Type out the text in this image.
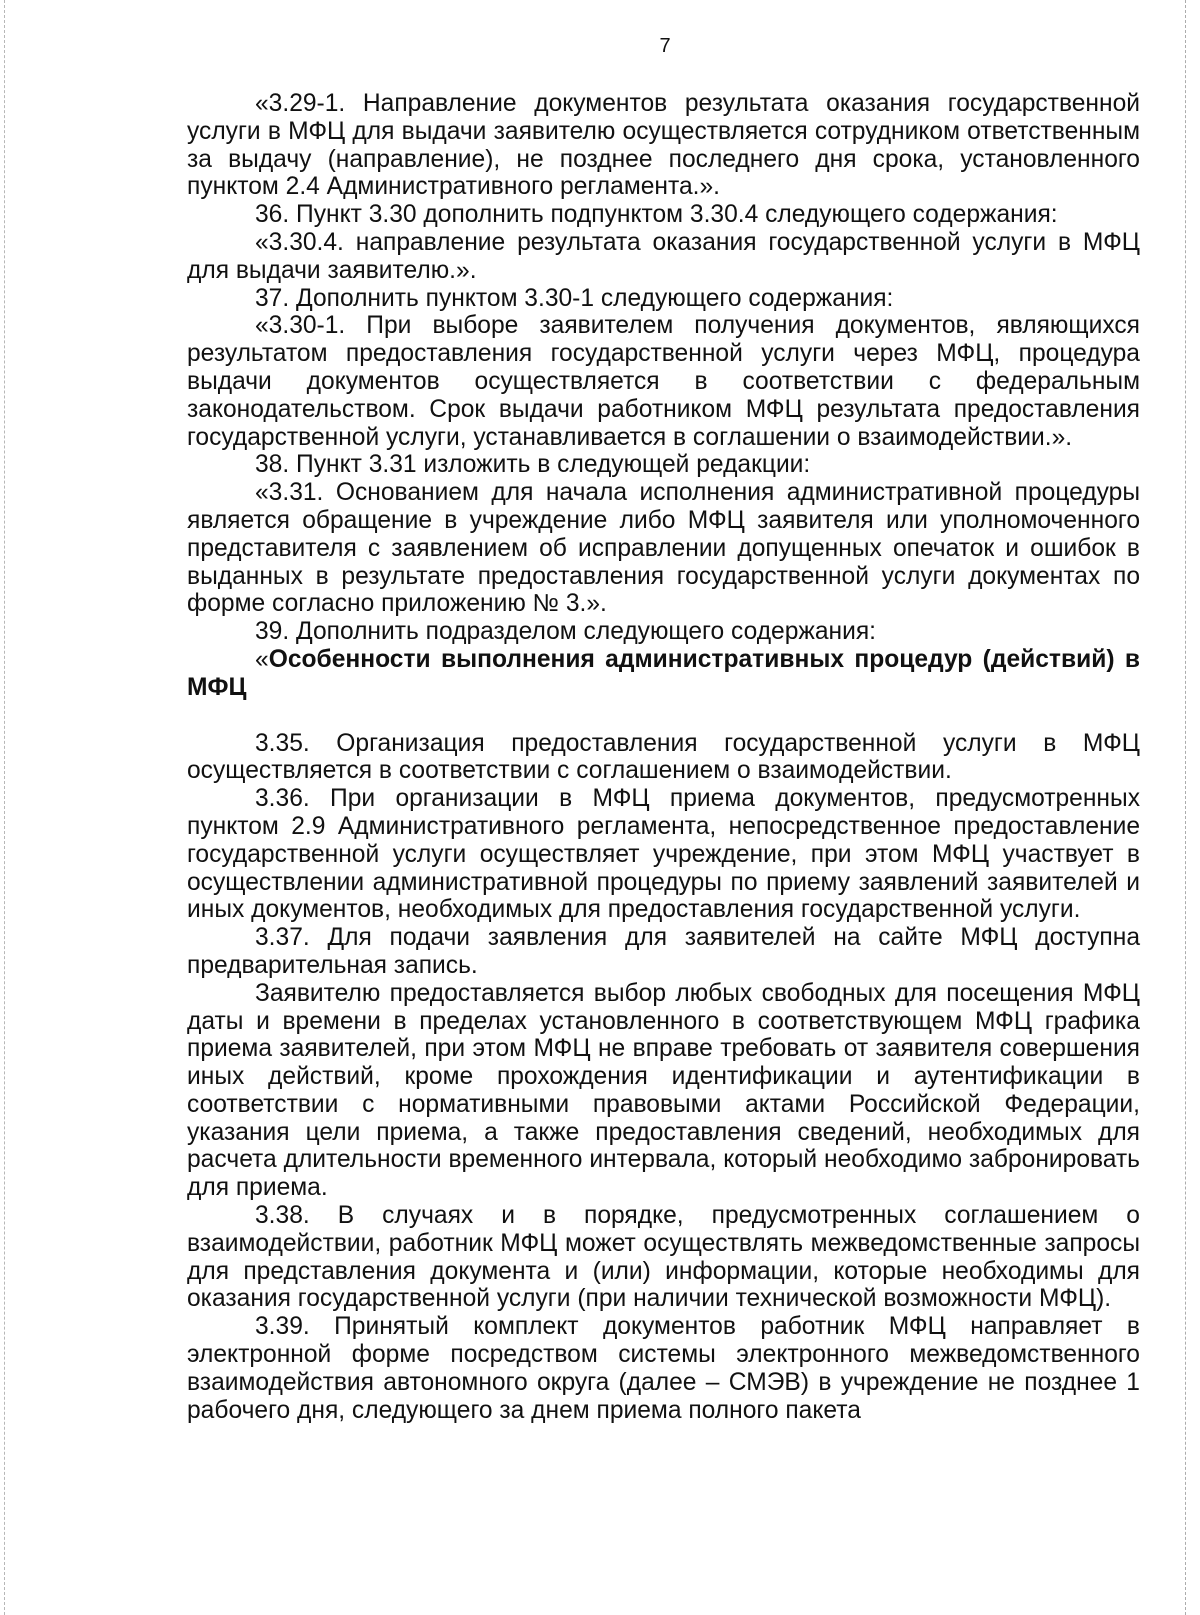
7

«3.29-1. Направление документов результата оказания государственной услуги в МФЦ для выдачи заявителю осуществляется сотрудником ответственным за выдачу (направление), не позднее последнего дня срока, установленного пунктом 2.4 Административного регламента.».

36. Пункт 3.30 дополнить подпунктом 3.30.4 следующего содержания:

«3.30.4. направление результата оказания государственной услуги в МФЦ для выдачи заявителю.».

37. Дополнить пунктом 3.30-1 следующего содержания:

«3.30-1. При выборе заявителем получения документов, являющихся результатом предоставления государственной услуги через МФЦ, процедура выдачи документов осуществляется в соответствии с федеральным законодательством. Срок выдачи работником МФЦ результата предоставления государственной услуги, устанавливается в соглашении о взаимодействии.».

38. Пункт 3.31 изложить в следующей редакции:

«3.31. Основанием для начала исполнения административной процедуры является обращение в учреждение либо МФЦ заявителя или уполномоченного представителя с заявлением об исправлении допущенных опечаток и ошибок в выданных в результате предоставления государственной услуги документах по форме согласно приложению № 3.».

39. Дополнить подразделом следующего содержания:

«Особенности выполнения административных процедур (действий) в МФЦ

3.35. Организация предоставления государственной услуги в МФЦ осуществляется в соответствии с соглашением о взаимодействии.

3.36. При организации в МФЦ приема документов, предусмотренных пунктом 2.9 Административного регламента, непосредственное предоставление государственной услуги осуществляет учреждение, при этом МФЦ участвует в осуществлении административной процедуры по приему заявлений заявителей и иных документов, необходимых для предоставления государственной услуги.

3.37. Для подачи заявления для заявителей на сайте МФЦ доступна предварительная запись.

Заявителю предоставляется выбор любых свободных для посещения МФЦ даты и времени в пределах установленного в соответствующем МФЦ графика приема заявителей, при этом МФЦ не вправе требовать от заявителя совершения иных действий, кроме прохождения идентификации и аутентификации в соответствии с нормативными правовыми актами Российской Федерации, указания цели приема, а также предоставления сведений, необходимых для расчета длительности временного интервала, который необходимо забронировать для приема.

3.38. В случаях и в порядке, предусмотренных соглашением о взаимодействии, работник МФЦ может осуществлять межведомственные запросы для представления документа и (или) информации, которые необходимы для оказания государственной услуги (при наличии технической возможности МФЦ).

3.39. Принятый комплект документов работник МФЦ направляет в электронной форме посредством системы электронного межведомственного взаимодействия автономного округа (далее – СМЭВ) в учреждение не позднее 1 рабочего дня, следующего за днем приема полного пакета
